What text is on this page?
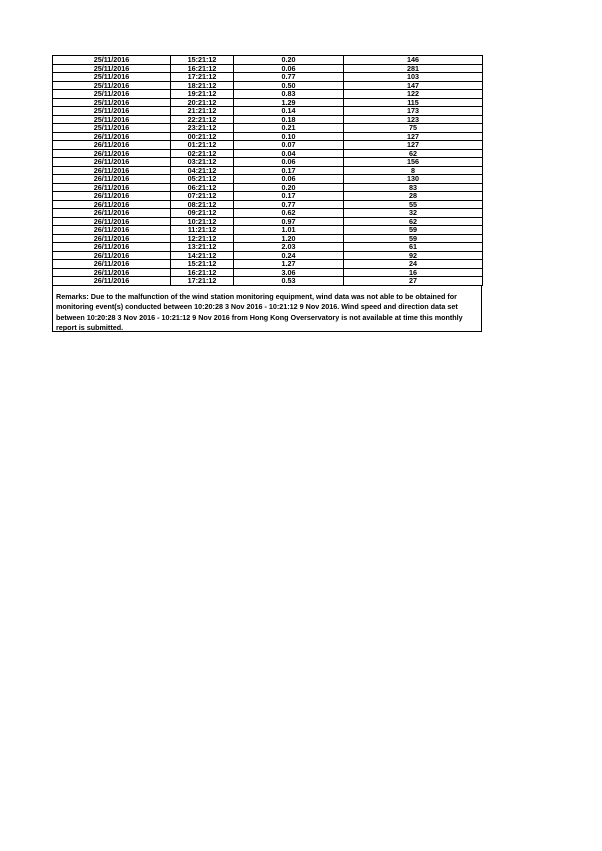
25/11/2016	15:21:12	0.20	146
25/11/2016	16:21:12	0.06	281
25/11/2016	17:21:12	0.77	103
25/11/2016	18:21:12	0.50	147
25/11/2016	19:21:12	0.83	122
25/11/2016	20:21:12	1.29	115
25/11/2016	21:21:12	0.14	173
25/11/2016	22:21:12	0.18	123
25/11/2016	23:21:12	0.21	75
26/11/2016	00:21:12	0.10	127
26/11/2016	01:21:12	0.07	127
26/11/2016	02:21:12	0.04	62
26/11/2016	03:21:12	0.06	156
26/11/2016	04:21:12	0.17	8
26/11/2016	05:21:12	0.06	130
26/11/2016	06:21:12	0.20	83
26/11/2016	07:21:12	0.17	28
26/11/2016	08:21:12	0.77	55
26/11/2016	09:21:12	0.62	32
26/11/2016	10:21:12	0.97	62
26/11/2016	11:21:12	1.01	59
26/11/2016	12:21:12	1.20	59
26/11/2016	13:21:12	2.03	61
26/11/2016	14:21:12	0.24	92
26/11/2016	15:21:12	1.27	24
26/11/2016	16:21:12	3.06	16
26/11/2016	17:21:12	0.53	27
Remarks: Due to the malfunction of the wind station monitoring equipment, wind data was not able to be obtained for monitoring event(s) conducted between 10:20:28 3 Nov 2016 - 10:21:12 9 Nov 2016. Wind speed and direction data set between 10:20:28 3 Nov 2016 - 10:21:12 9 Nov 2016 from Hong Kong Overservatory is not available at time this monthly report is submitted.
